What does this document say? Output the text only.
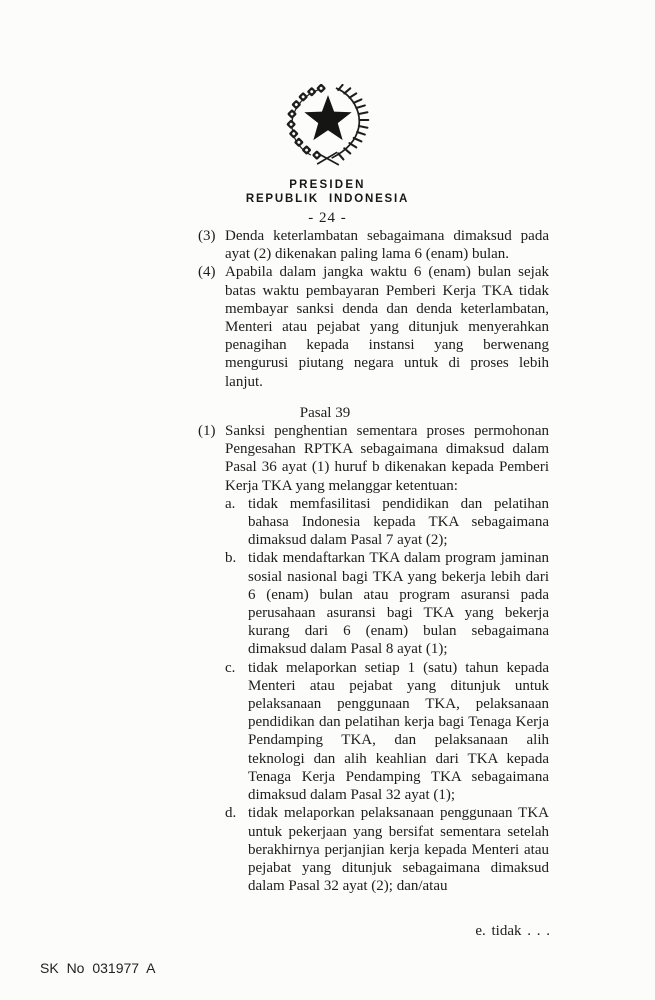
PRESIDEN
REPUBLIK INDONESIA
- 24 -
(3) Denda keterlambatan sebagaimana dimaksud pada ayat (2) dikenakan paling lama 6 (enam) bulan.

(4) Apabila dalam jangka waktu 6 (enam) bulan sejak batas waktu pembayaran Pemberi Kerja TKA tidak membayar sanksi denda dan denda keterlambatan, Menteri atau pejabat yang ditunjuk menyerahkan penagihan kepada instansi yang berwenang mengurusi piutang negara untuk di proses lebih lanjut.

Pasal 39
(1) Sanksi penghentian sementara proses permohonan Pengesahan RPTKA sebagaimana dimaksud dalam Pasal 36 ayat (1) huruf b dikenakan kepada Pemberi Kerja TKA yang melanggar ketentuan:

a. tidak memfasilitasi pendidikan dan pelatihan bahasa Indonesia kepada TKA sebagaimana dimaksud dalam Pasal 7 ayat (2);

b. tidak mendaftarkan TKA dalam program jaminan sosial nasional bagi TKA yang bekerja lebih dari 6 (enam) bulan atau program asuransi pada perusahaan asuransi bagi TKA yang bekerja kurang dari 6 (enam) bulan sebagaimana dimaksud dalam Pasal 8 ayat (1);

c. tidak melaporkan setiap 1 (satu) tahun kepada Menteri atau pejabat yang ditunjuk untuk pelaksanaan penggunaan TKA, pelaksanaan pendidikan dan pelatihan kerja bagi Tenaga Kerja Pendamping TKA, dan pelaksanaan alih teknologi dan alih keahlian dari TKA kepada Tenaga Kerja Pendamping TKA sebagaimana dimaksud dalam Pasal 32 ayat (1);

d. tidak melaporkan pelaksanaan penggunaan TKA untuk pekerjaan yang bersifat sementara setelah berakhirnya perjanjian kerja kepada Menteri atau pejabat yang ditunjuk sebagaimana dimaksud dalam Pasal 32 ayat (2); dan/atau

e. tidak . . .
SK No 031977 A
